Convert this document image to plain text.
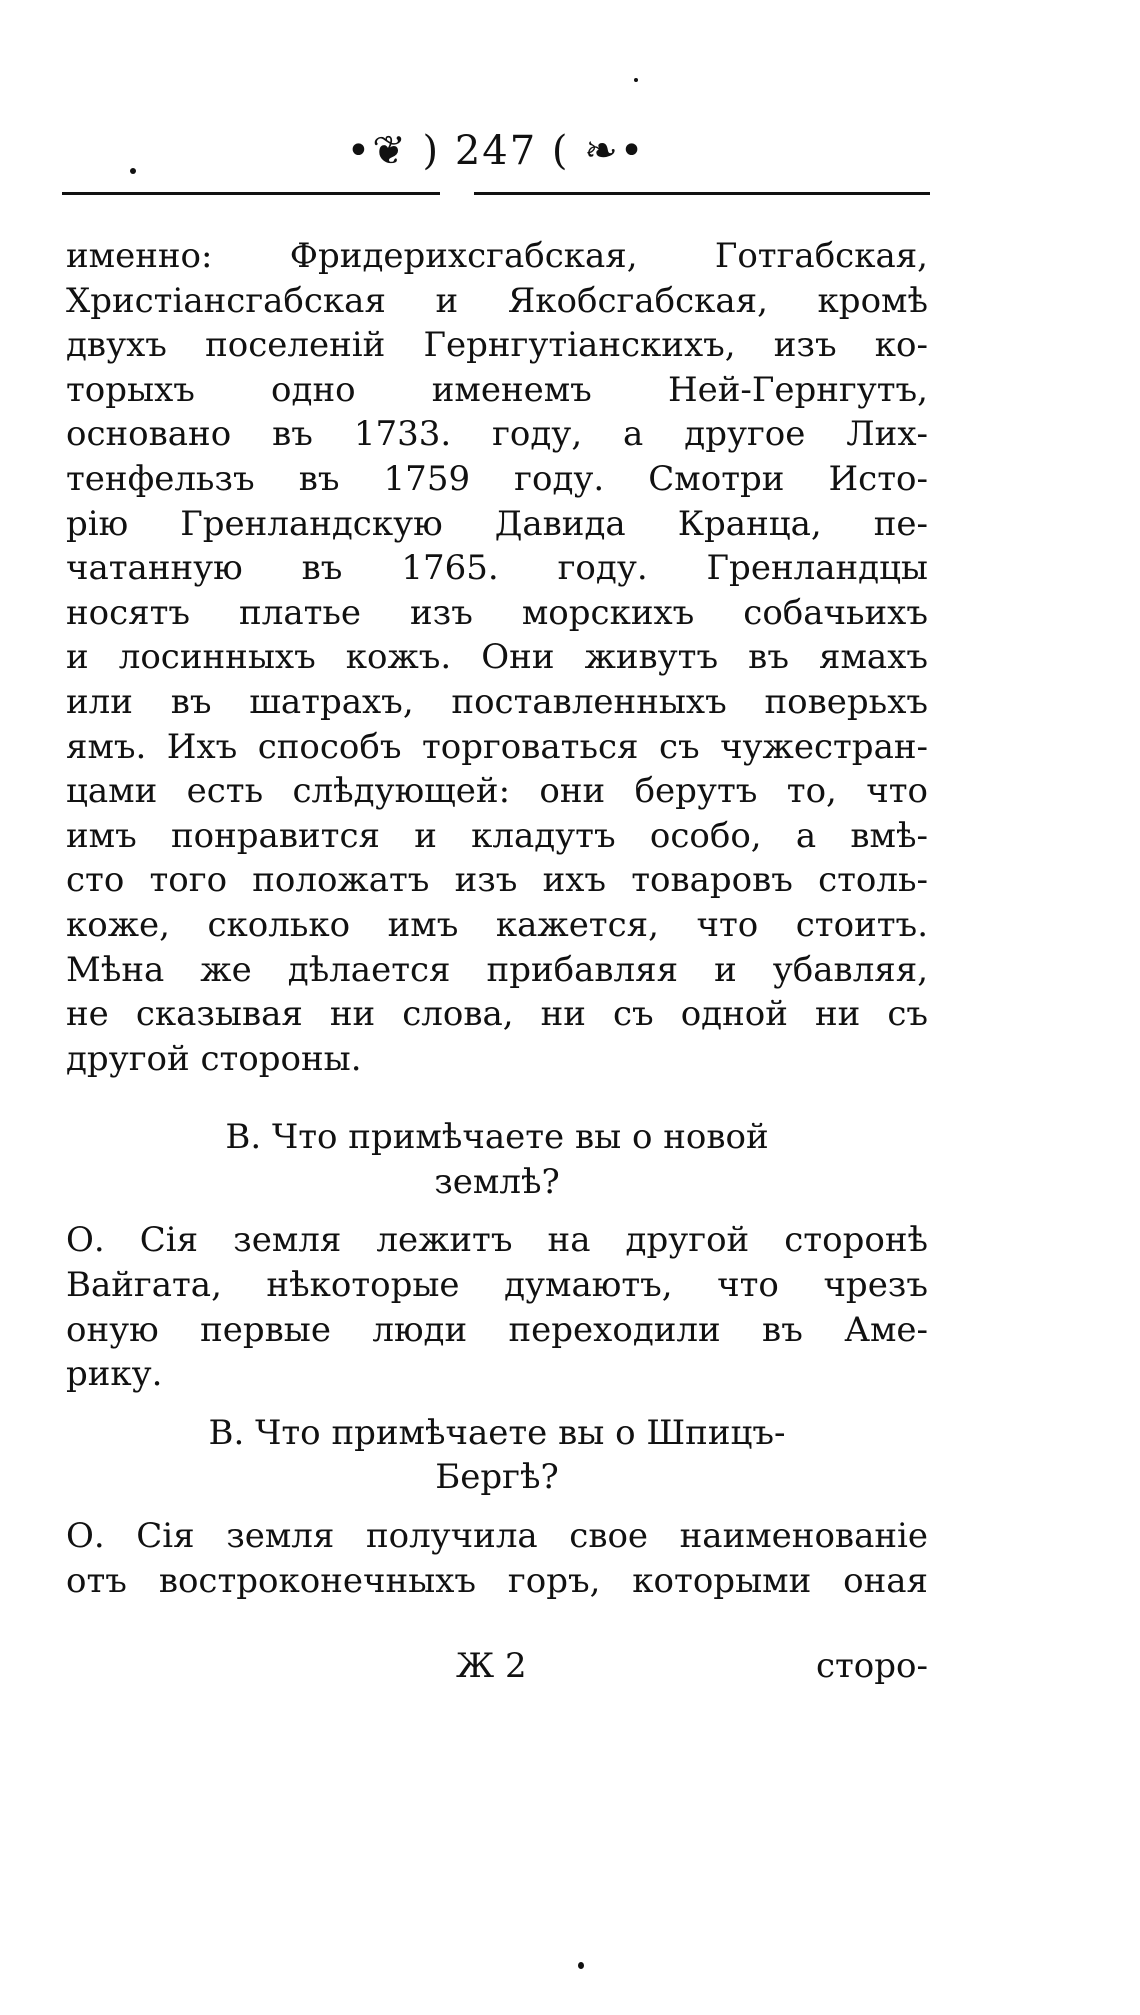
•❦ ) 247 ( ❧•
именно: Фридерихсгабская, Готгабская,
Христіансгабская и Якобсгабская, кромѣ
двухъ поселеній Гернгутіанскихъ, изъ ко-
торыхъ одно именемъ Ней-Гернгутъ,
основано въ 1733. году, а другое Лих-
тенфельзъ въ 1759 году. Смотри Исто-
рію Гренландскую Давида Кранца, пе-
чатанную въ 1765. году. Гренландцы
носятъ платье изъ морскихъ собачьихъ
и лосинныхъ кожъ. Они живутъ въ ямахъ
или въ шатрахъ, поставленныхъ поверьхъ
ямъ. Ихъ способъ торговаться съ чужестран-
цами есть слѣдующей: они берутъ то, что
имъ понравится и кладутъ особо, а вмѣ-
сто того положатъ изъ ихъ товаровъ столь-
коже, сколько имъ кажется, что стоитъ.
Мѣна же дѣлается прибавляя и убавляя,
не сказывая ни слова, ни съ одной ни съ
другой стороны.
В. Что примѣчаете вы о новой
землѣ?
О. Сія земля лежитъ на другой сторонѣ
Вайгата, нѣкоторые думаютъ, что чрезъ
оную первые люди переходили въ Аме-
рику.
В. Что примѣчаете вы о Шпицъ-
Бергѣ?
О. Сія земля получила свое наименованіе
отъ востроконечныхъ горъ, которыми оная
Ж 2	сторо-
